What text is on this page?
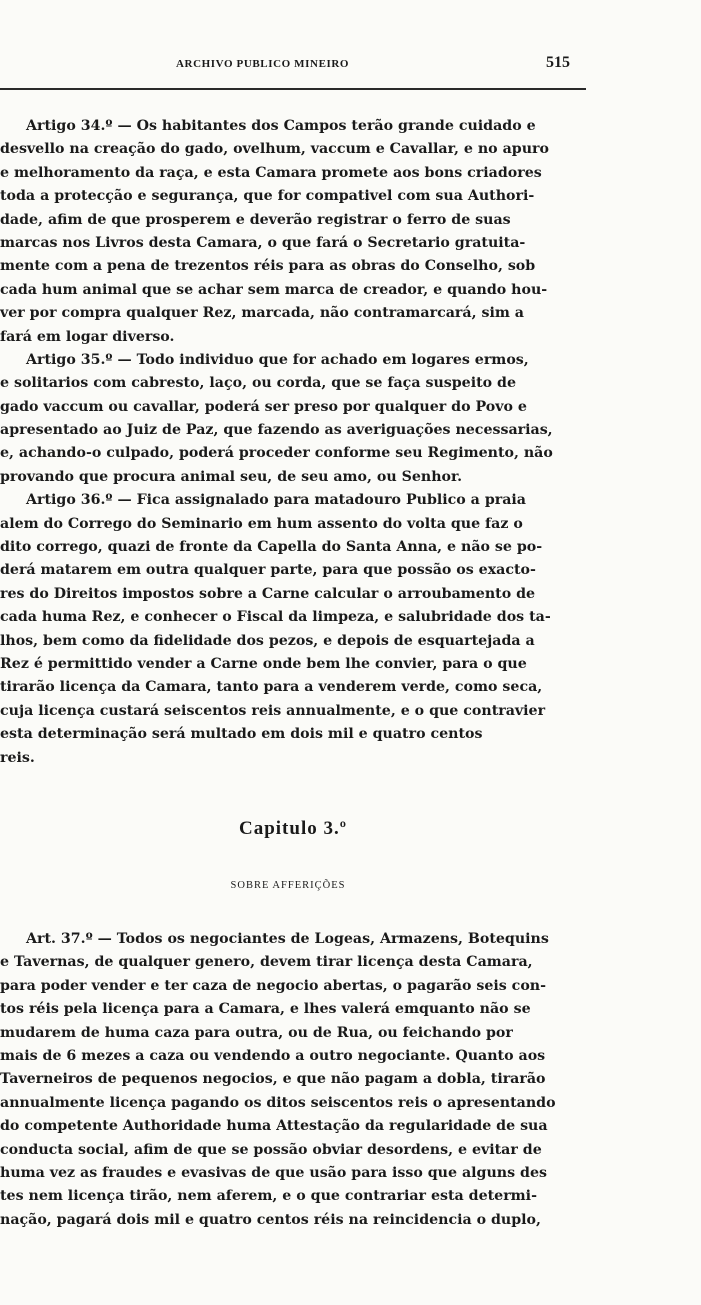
ARCHIVO PUBLICO MINEIRO	515
Artigo 34.º — Os habitantes dos Campos terão grande cuidado e
desvello na creação do gado, ovelhum, vaccum e Cavallar, e no apuro
e melhoramento da raça, e esta Camara promete aos bons criadores
toda a protecção e segurança, que for compativel com sua Authori-
dade, afim de que prosperem e deverão registrar o ferro de suas
marcas nos Livros desta Camara, o que fará o Secretario gratuita-
mente com a pena de trezentos réis para as obras do Conselho, sob
cada hum animal que se achar sem marca de creador, e quando hou-
ver por compra qualquer Rez, marcada, não contramarcará, sim a
fará em logar diverso.
Artigo 35.º — Todo individuo que for achado em logares ermos,
e solitarios com cabresto, laço, ou corda, que se faça suspeito de
gado vaccum ou cavallar, poderá ser preso por qualquer do Povo e
apresentado ao Juiz de Paz, que fazendo as averiguações necessarias,
e, achando-o culpado, poderá proceder conforme seu Regimento, não
provando que procura animal seu, de seu amo, ou Senhor.
Artigo 36.º — Fica assignalado para matadouro Publico a praia
alem do Corrego do Seminario em hum assento do volta que faz o
dito corrego, quazi de fronte da Capella do Santa Anna, e não se po-
derá matarem em outra qualquer parte, para que possão os exacto-
res do Direitos impostos sobre a Carne calcular o arroubamento de
cada huma Rez, e conhecer o Fiscal da limpeza, e salubridade dos ta-
lhos, bem como da fidelidade dos pezos, e depois de esquartejada a
Rez é permittido vender a Carne onde bem lhe convier, para o que
tirarão licença da Camara, tanto para a venderem verde, como seca,
cuja licença custará seiscentos reis annualmente, e o que contravier
esta determinação será multado em dois mil e quatro centos
reis.
Capitulo 3.º
SOBRE AFFERIÇÕES
Art. 37.º — Todos os negociantes de Logeas, Armazens, Botequins
e Tavernas, de qualquer genero, devem tirar licença desta Camara,
para poder vender e ter caza de negocio abertas, o pagarão seis con-
tos réis pela licença para a Camara, e lhes valerá emquanto não se
mudarem de huma caza para outra, ou de Rua, ou feichando por
mais de 6 mezes a caza ou vendendo a outro negociante. Quanto aos
Taverneiros de pequenos negocios, e que não pagam a dobla, tirarão
annualmente licença pagando os ditos seiscentos reis o apresentando
do competente Authoridade huma Attestação da regularidade de sua
conducta social, afim de que se possão obviar desordens, e evitar de
huma vez as fraudes e evasivas de que usão para isso que alguns des
tes nem licença tirão, nem aferem, e o que contrariar esta determi-
nação, pagará dois mil e quatro centos réis na reincidencia o duplo,
